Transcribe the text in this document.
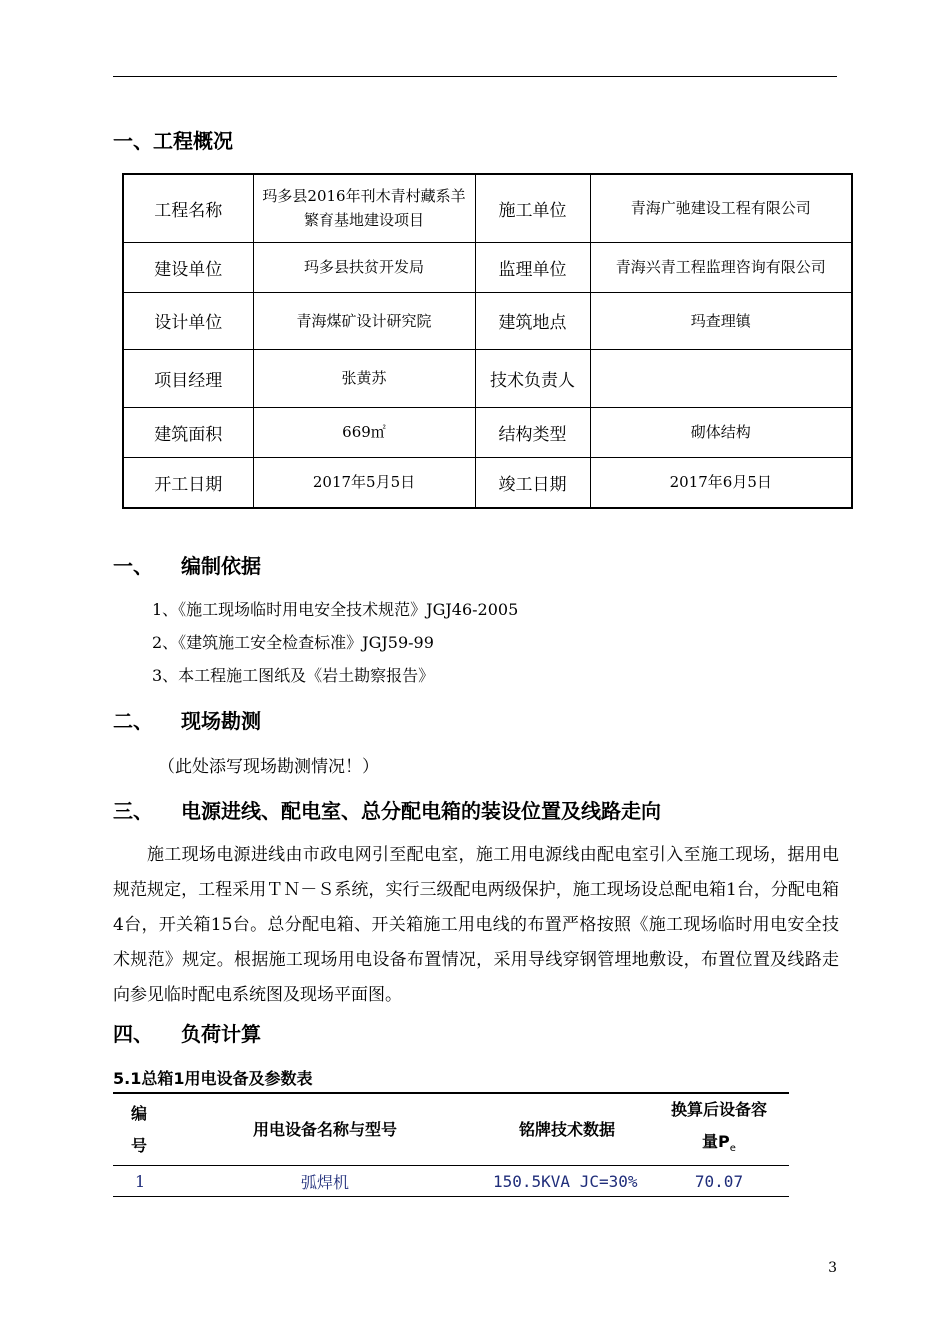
一、工程概况
工程名称	玛多县2016年刊木青村藏系羊繁育基地建设项目	施工单位	青海广驰建设工程有限公司
建设单位	玛多县扶贫开发局	监理单位	青海兴青工程监理咨询有限公司
设计单位	青海煤矿设计研究院	建筑地点	玛查理镇
项目经理	张黄苏	技术负责人	
建筑面积	669㎡	结构类型	砌体结构
开工日期	2017年5月5日	竣工日期	2017年6月5日
一、 编制依据
1、《施工现场临时用电安全技术规范》JGJ46-2005
2、《建筑施工安全检查标准》JGJ59-99
3、本工程施工图纸及《岩土勘察报告》
二、 现场勘测
（此处添写现场勘测情况！）
三、 电源进线、配电室、总分配电箱的装设位置及线路走向
施工现场电源进线由市政电网引至配电室，施工用电源线由配电室引入至施工现场，据用电规范规定，工程采用ＴＮ－Ｓ系统，实行三级配电两级保护，施工现场设总配电箱1台，分配电箱4台，开关箱15台。总分配电箱、开关箱施工用电线的布置严格按照《施工现场临时用电安全技术规范》规定。根据施工现场用电设备布置情况，采用导线穿钢管埋地敷设，布置位置及线路走向参见临时配电系统图及现场平面图。
四、 负荷计算
5.1总箱1用电设备及参数表
编号	用电设备名称与型号	铭牌技术数据	换算后设备容量$P_e$

1	弧焊机	150.5KVA JC=30%	70.07
3
